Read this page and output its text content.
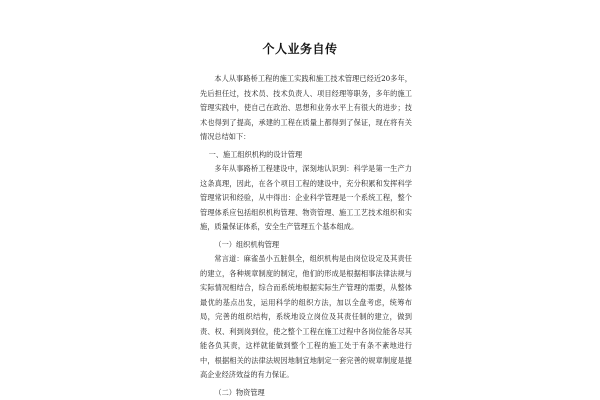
个人业务自传

本人从事路桥工程的施工实践和施工技术管理已经近20多年，先后担任过，技术员、技术负责人、项目经理等职务，多年的施工管理实践中，使自己在政治、思想和业务水平上有很大的进步；技术也得到了提高，承建的工程在质量上都得到了保证，现在将有关情况总结如下：

一、施工组织机构的设计管理

多年从事路桥工程建设中，深刻地认识到：科学是第一生产力这条真理，因此，在各个项目工程的建设中，充分积累和发挥科学管理常识和经验，从中得出：企业科学管理是一个系统工程，整个管理体系应包括组织机构管理、物资管理、施工工艺技术组织和实施，质量保证体系，安全生产管理五个基本组成。

（一）组织机构管理

常言道：麻雀虽小五脏俱全，组织机构是由岗位设定及其责任的建立，各种规章制度的制定，他们的形成是根据相事法律法规与实际情况相结合，综合而系统地根据实际生产管理的需要，从整体最优的基点出发，运用科学的组织方法，加以全盘考虑，统筹布局，完善的组织结构，系统地设立岗位及其责任制的建立，做到责、权、利到岗到位，使之整个工程在施工过程中各岗位能各尽其能各负其责，这样就能做到整个工程的施工处于有条不紊地进行中，根据相关的法律法规因地制宜地制定一套完善的规章制度是提高企业经济效益的有力保证。

（二）物资管理
